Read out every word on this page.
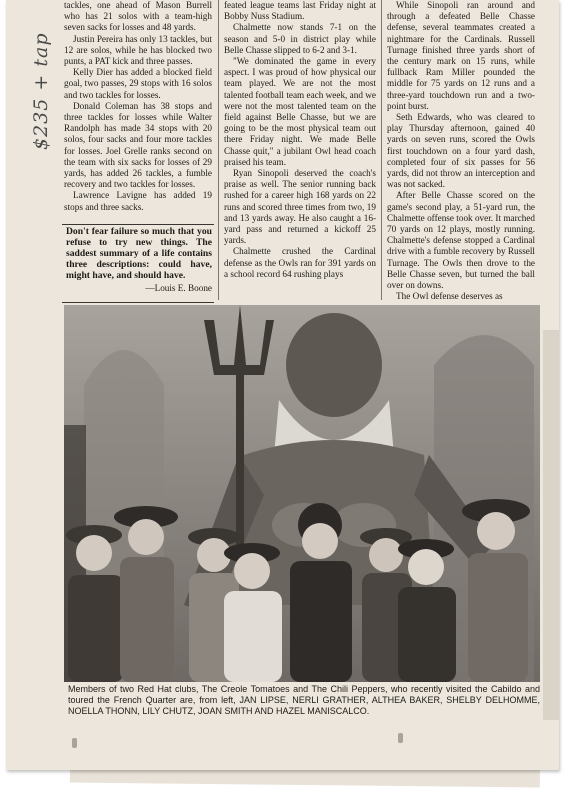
$235 + tap

tackles, one ahead of Mason Burrell who has 21 solos with a team-high seven sacks for losses and 48 yards.

Justin Pereira has only 13 tackles, but 12 are solos, while he has blocked two punts, a PAT kick and three passes.

Kelly Dier has added a blocked field goal, two passes, 29 stops with 16 solos and two tackles for losses.

Donald Coleman has 38 stops and three tackles for losses while Walter Randolph has made 34 stops with 20 solos, four sacks and four more tackles for losses. Joel Grelle ranks second on the team with six sacks for losses of 29 yards, has added 26 tackles, a fumble recovery and two tackles for losses.

Lawrence Lavigne has added 19 stops and three sacks.

Don't fear failure so much that you refuse to try new things. The saddest summary of a life contains three descriptions: could have, might have, and should have.

—Louis E. Boone

feated league teams last Friday night at Bobby Nuss Stadium.

Chalmette now stands 7-1 on the season and 5-0 in district play while Belle Chasse slipped to 6-2 and 3-1.

"We dominated the game in every aspect. I was proud of how physical our team played. We are not the most talented football team each week, and we were not the most talented team on the field against Belle Chasse, but we are going to be the most physical team out there Friday night. We made Belle Chasse quit," a jubilant Owl head coach praised his team.

Ryan Sinopoli deserved the coach's praise as well. The senior running back rushed for a career high 168 yards on 22 runs and scored three times from two, 19 and 13 yards away. He also caught a 16-yard pass and returned a kickoff 25 yards.

Chalmette crushed the Cardinal defense as the Owls ran for 391 yards on a school record 64 rushing plays

While Sinopoli ran around and through a defeated Belle Chasse defense, several teammates created a nightmare for the Cardinals. Russell Turnage finished three yards short of the century mark on 15 runs, while fullback Ram Miller pounded the middle for 75 yards on 12 runs and a three-yard touchdown run and a two-point burst.

Seth Edwards, who was cleared to play Thursday afternoon, gained 40 yards on seven runs, scored the Owls first touchdown on a four yard dash, completed four of six passes for 56 yards, did not throw an interception and was not sacked.

After Belle Chasse scored on the game's second play, a 51-yard run, the Chalmette offense took over. It marched 70 yards on 12 plays, mostly running. Chalmette's defense stopped a Cardinal drive with a fumble recovery by Russell Turnage. The Owls then drove to the Belle Chasse seven, but turned the ball over on downs.

The Owl defense deserves as

Members of two Red Hat clubs, The Creole Tomatoes and The Chili Peppers, who recently visited the Cabildo and toured the French Quarter are, from left, JAN LIPSE, NERLI GRATHER, ALTHEA BAKER, SHELBY DELHOMME, NOELLA THONN, LILY CHUTZ, JOAN SMITH AND HAZEL MANISCALCO.
